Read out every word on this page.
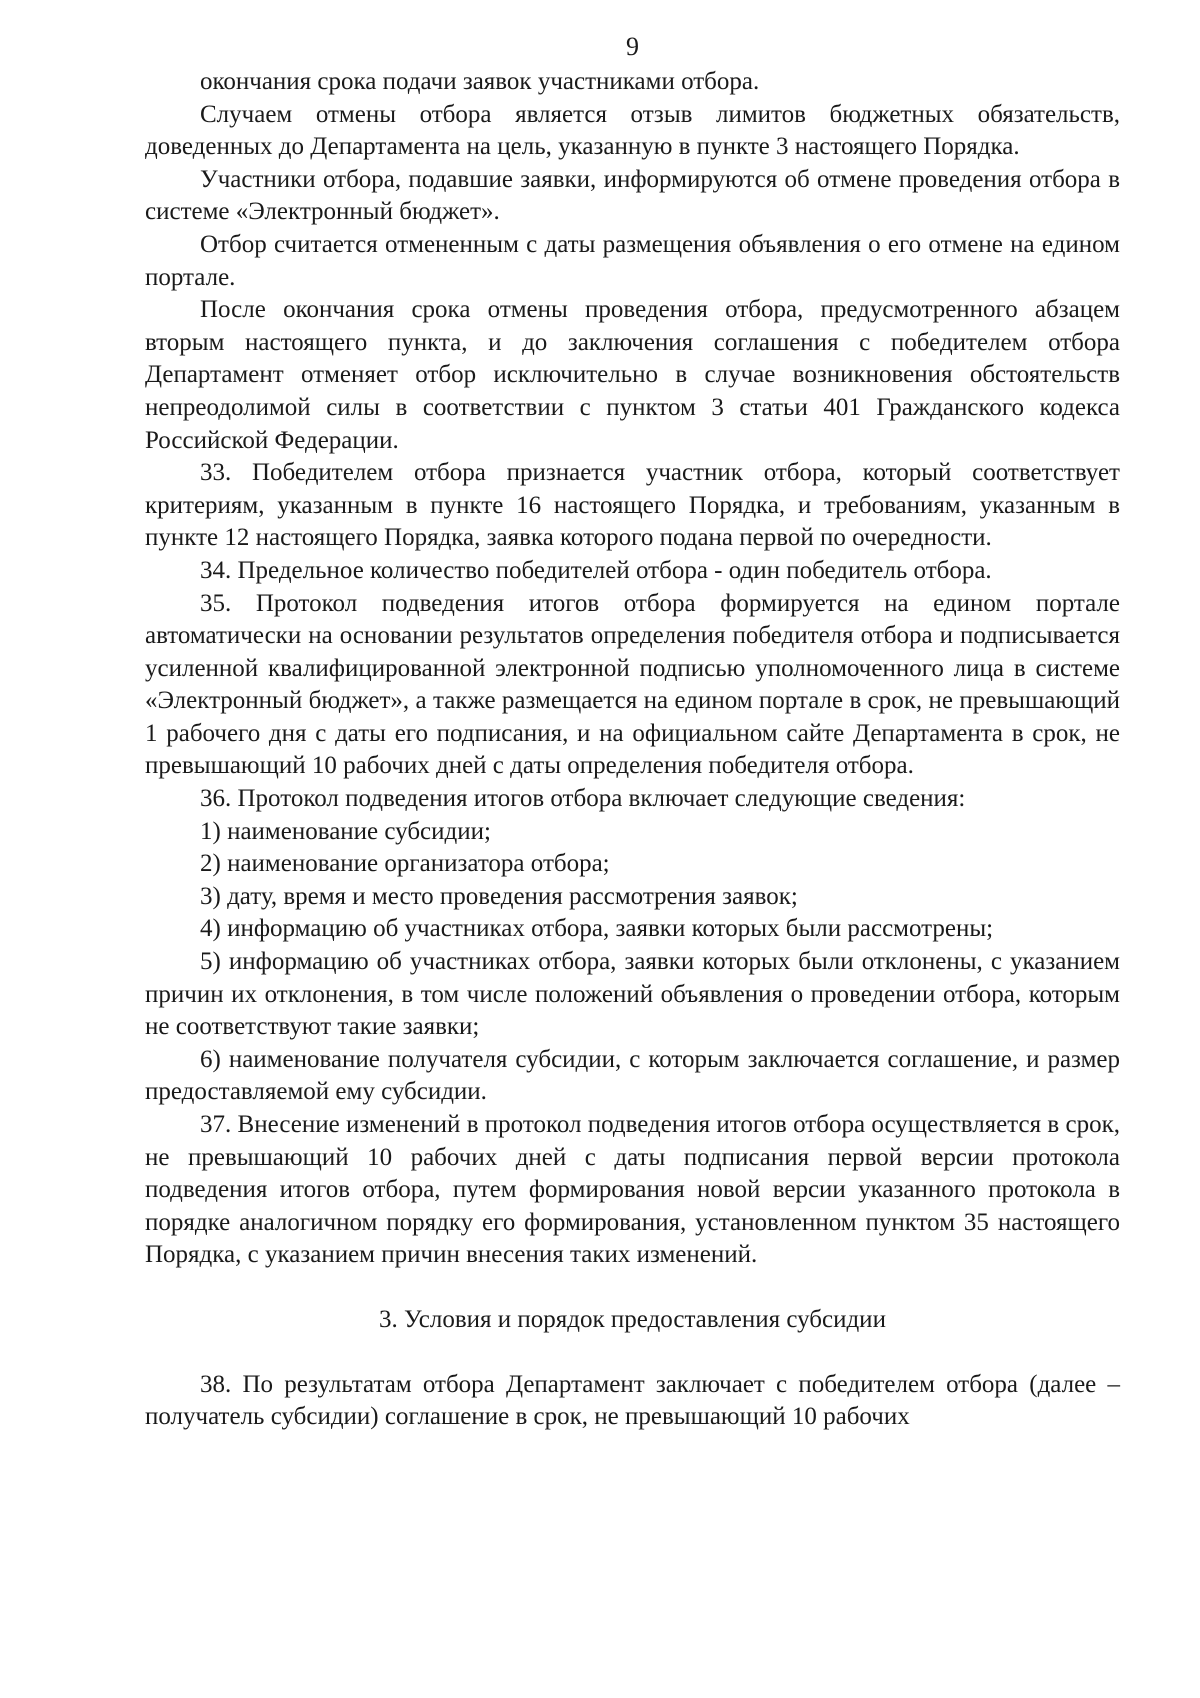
9

окончания срока подачи заявок участниками отбора.

Случаем отмены отбора является отзыв лимитов бюджетных обязательств, доведенных до Департамента на цель, указанную в пункте 3 настоящего Порядка.

Участники отбора, подавшие заявки, информируются об отмене проведения отбора в системе «Электронный бюджет».

Отбор считается отмененным с даты размещения объявления о его отмене на едином портале.

После окончания срока отмены проведения отбора, предусмотренного абзацем вторым настоящего пункта, и до заключения соглашения с победителем отбора Департамент отменяет отбор исключительно в случае возникновения обстоятельств непреодолимой силы в соответствии с пунктом 3 статьи 401 Гражданского кодекса Российской Федерации.

33. Победителем отбора признается участник отбора, который соответствует критериям, указанным в пункте 16 настоящего Порядка, и требованиям, указанным в пункте 12 настоящего Порядка, заявка которого подана первой по очередности.

34. Предельное количество победителей отбора - один победитель отбора.

35. Протокол подведения итогов отбора формируется на едином портале автоматически на основании результатов определения победителя отбора и подписывается усиленной квалифицированной электронной подписью уполномоченного лица в системе «Электронный бюджет», а также размещается на едином портале в срок, не превышающий 1 рабочего дня с даты его подписания, и на официальном сайте Департамента в срок, не превышающий 10 рабочих дней с даты определения победителя отбора.

36. Протокол подведения итогов отбора включает следующие сведения:

1) наименование субсидии;

2) наименование организатора отбора;

3) дату, время и место проведения рассмотрения заявок;

4) информацию об участниках отбора, заявки которых были рассмотрены;

5) информацию об участниках отбора, заявки которых были отклонены, с указанием причин их отклонения, в том числе положений объявления о проведении отбора, которым не соответствуют такие заявки;

6) наименование получателя субсидии, с которым заключается соглашение, и размер предоставляемой ему субсидии.

37. Внесение изменений в протокол подведения итогов отбора осуществляется в срок, не превышающий 10 рабочих дней с даты подписания первой версии протокола подведения итогов отбора, путем формирования новой версии указанного протокола в порядке аналогичном порядку его формирования, установленном пунктом 35 настоящего Порядка, с указанием причин внесения таких изменений.

3. Условия и порядок предоставления субсидии

38. По результатам отбора Департамент заключает с победителем отбора (далее – получатель субсидии) соглашение в срок, не превышающий 10 рабочих
